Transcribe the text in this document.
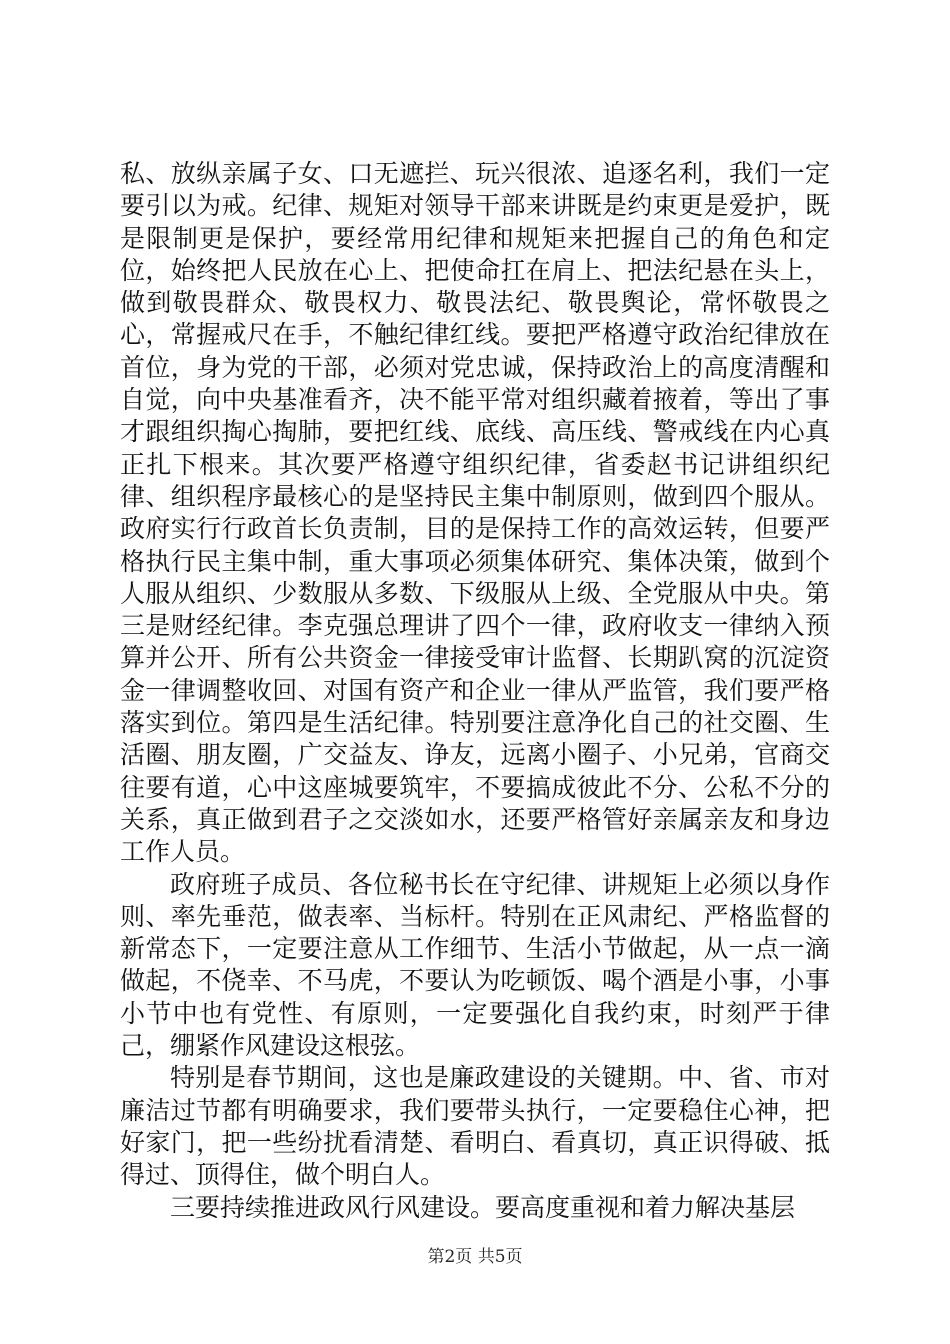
私、放纵亲属子女、口无遮拦、玩兴很浓、追逐名利，我们一定要引以为戒。纪律、规矩对领导干部来讲既是约束更是爱护，既是限制更是保护，要经常用纪律和规矩来把握自己的角色和定位，始终把人民放在心上、把使命扛在肩上、把法纪悬在头上，做到敬畏群众、敬畏权力、敬畏法纪、敬畏舆论，常怀敬畏之心，常握戒尺在手，不触纪律红线。要把严格遵守政治纪律放在首位，身为党的干部，必须对党忠诚，保持政治上的高度清醒和自觉，向中央基准看齐，决不能平常对组织藏着掖着，等出了事才跟组织掏心掏肺，要把红线、底线、高压线、警戒线在内心真正扎下根来。其次要严格遵守组织纪律，省委赵书记讲组织纪律、组织程序最核心的是坚持民主集中制原则，做到四个服从。政府实行行政首长负责制，目的是保持工作的高效运转，但要严格执行民主集中制，重大事项必须集体研究、集体决策，做到个人服从组织、少数服从多数、下级服从上级、全党服从中央。第三是财经纪律。李克强总理讲了四个一律，政府收支一律纳入预算并公开、所有公共资金一律接受审计监督、长期趴窝的沉淀资金一律调整收回、对国有资产和企业一律从严监管，我们要严格落实到位。第四是生活纪律。特别要注意净化自己的社交圈、生活圈、朋友圈，广交益友、诤友，远离小圈子、小兄弟，官商交往要有道，心中这座城要筑牢，不要搞成彼此不分、公私不分的关系，真正做到君子之交淡如水，还要严格管好亲属亲友和身边工作人员。

政府班子成员、各位秘书长在守纪律、讲规矩上必须以身作则、率先垂范，做表率、当标杆。特别在正风肃纪、严格监督的新常态下，一定要注意从工作细节、生活小节做起，从一点一滴做起，不侥幸、不马虎，不要认为吃顿饭、喝个酒是小事，小事小节中也有党性、有原则，一定要强化自我约束，时刻严于律己，绷紧作风建设这根弦。

特别是春节期间，这也是廉政建设的关键期。中、省、市对廉洁过节都有明确要求，我们要带头执行，一定要稳住心神，把好家门，把一些纷扰看清楚、看明白、看真切，真正识得破、抵得过、顶得住，做个明白人。

三要持续推进政风行风建设。要高度重视和着力解决基层

第2页 共5页
